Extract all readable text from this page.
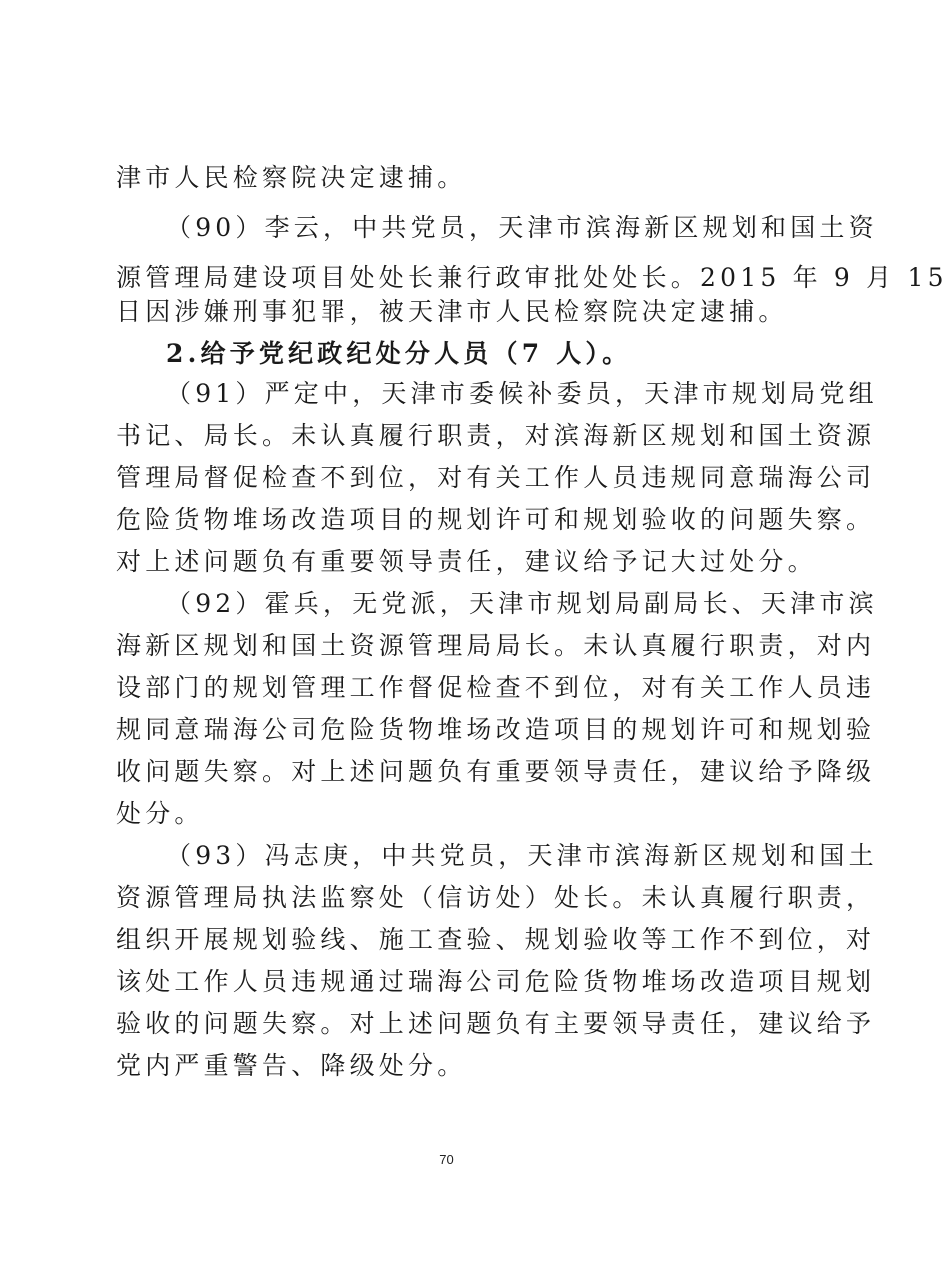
津市人民检察院决定逮捕。
（90）李云，中共党员，天津市滨海新区规划和国土资
源管理局建设项目处处长兼行政审批处处长。2015 年 9 月 15
日因涉嫌刑事犯罪，被天津市人民检察院决定逮捕。
2.给予党纪政纪处分人员（7 人）。
（91）严定中，天津市委候补委员，天津市规划局党组
书记、局长。未认真履行职责，对滨海新区规划和国土资源
管理局督促检查不到位，对有关工作人员违规同意瑞海公司
危险货物堆场改造项目的规划许可和规划验收的问题失察。
对上述问题负有重要领导责任，建议给予记大过处分。
（92）霍兵，无党派，天津市规划局副局长、天津市滨
海新区规划和国土资源管理局局长。未认真履行职责，对内
设部门的规划管理工作督促检查不到位，对有关工作人员违
规同意瑞海公司危险货物堆场改造项目的规划许可和规划验
收问题失察。对上述问题负有重要领导责任，建议给予降级
处分。
（93）冯志庚，中共党员，天津市滨海新区规划和国土
资源管理局执法监察处（信访处）处长。未认真履行职责，
组织开展规划验线、施工查验、规划验收等工作不到位，对
该处工作人员违规通过瑞海公司危险货物堆场改造项目规划
验收的问题失察。对上述问题负有主要领导责任，建议给予
党内严重警告、降级处分。
70
